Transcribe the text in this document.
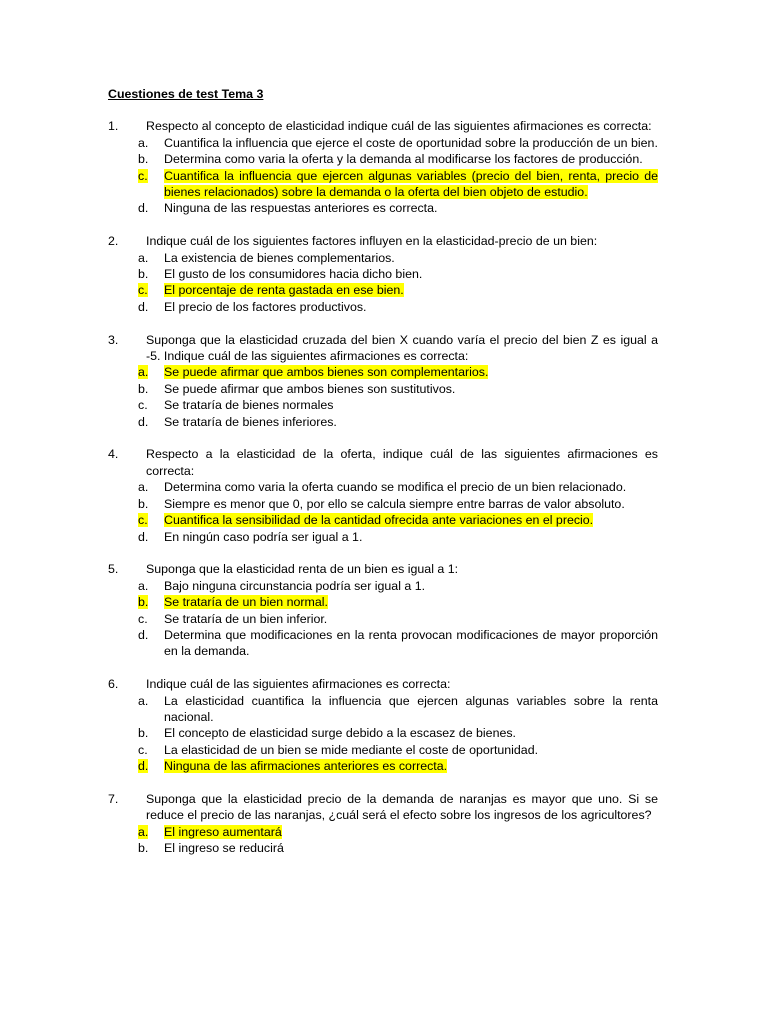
Cuestiones de test Tema 3
1.	Respecto al concepto de elasticidad indique cuál de las siguientes afirmaciones es correcta:
a.	Cuantifica la influencia que ejerce el coste de oportunidad sobre la producción de un bien.
b.	Determina como varia la oferta y la demanda al modificarse los factores de producción.
c.	Cuantifica la influencia que ejercen algunas variables (precio del bien, renta, precio de bienes relacionados) sobre la demanda o la oferta del bien objeto de estudio.
d.	Ninguna de las respuestas anteriores es correcta.
2.	Indique cuál de los siguientes factores influyen en la elasticidad-precio de un bien:
a.	La existencia de bienes complementarios.
b.	El gusto de los consumidores hacia dicho bien.
c.	El porcentaje de renta gastada en ese bien.
d.	El precio de los factores productivos.
3.	Suponga que la elasticidad cruzada del bien X cuando varía el precio del bien Z es igual a -5. Indique cuál de las siguientes afirmaciones es correcta:
a.	Se puede afirmar que ambos bienes son complementarios.
b.	Se puede afirmar que ambos bienes son sustitutivos.
c.	Se trataría de bienes normales
d.	Se trataría de bienes inferiores.
4.	Respecto a la elasticidad de la oferta, indique cuál de las siguientes afirmaciones es correcta:
a.	Determina como varia la oferta cuando se modifica el precio de un bien relacionado.
b.	Siempre es menor que 0, por ello se calcula siempre entre barras de valor absoluto.
c.	Cuantifica la sensibilidad de la cantidad ofrecida ante variaciones en el precio.
d.	En ningún caso podría ser igual a 1.
5.	Suponga que la elasticidad renta de un bien es igual a 1:
a.	Bajo ninguna circunstancia podría ser igual a 1.
b.	Se trataría de un bien normal.
c.	Se trataría de un bien inferior.
d.	Determina que modificaciones en la renta provocan modificaciones de mayor proporción en la demanda.
6.	Indique cuál de las siguientes afirmaciones es correcta:
a.	La elasticidad cuantifica la influencia que ejercen algunas variables sobre la renta nacional.
b.	El concepto de elasticidad surge debido a la escasez de bienes.
c.	La elasticidad de un bien se mide mediante el coste de oportunidad.
d.	Ninguna de las afirmaciones anteriores es correcta.
7.	Suponga que la elasticidad precio de la demanda de naranjas es mayor que uno. Si se reduce el precio de las naranjas, ¿cuál será el efecto sobre los ingresos de los agricultores?
a.	El ingreso aumentará
b.	El ingreso se reducirá
